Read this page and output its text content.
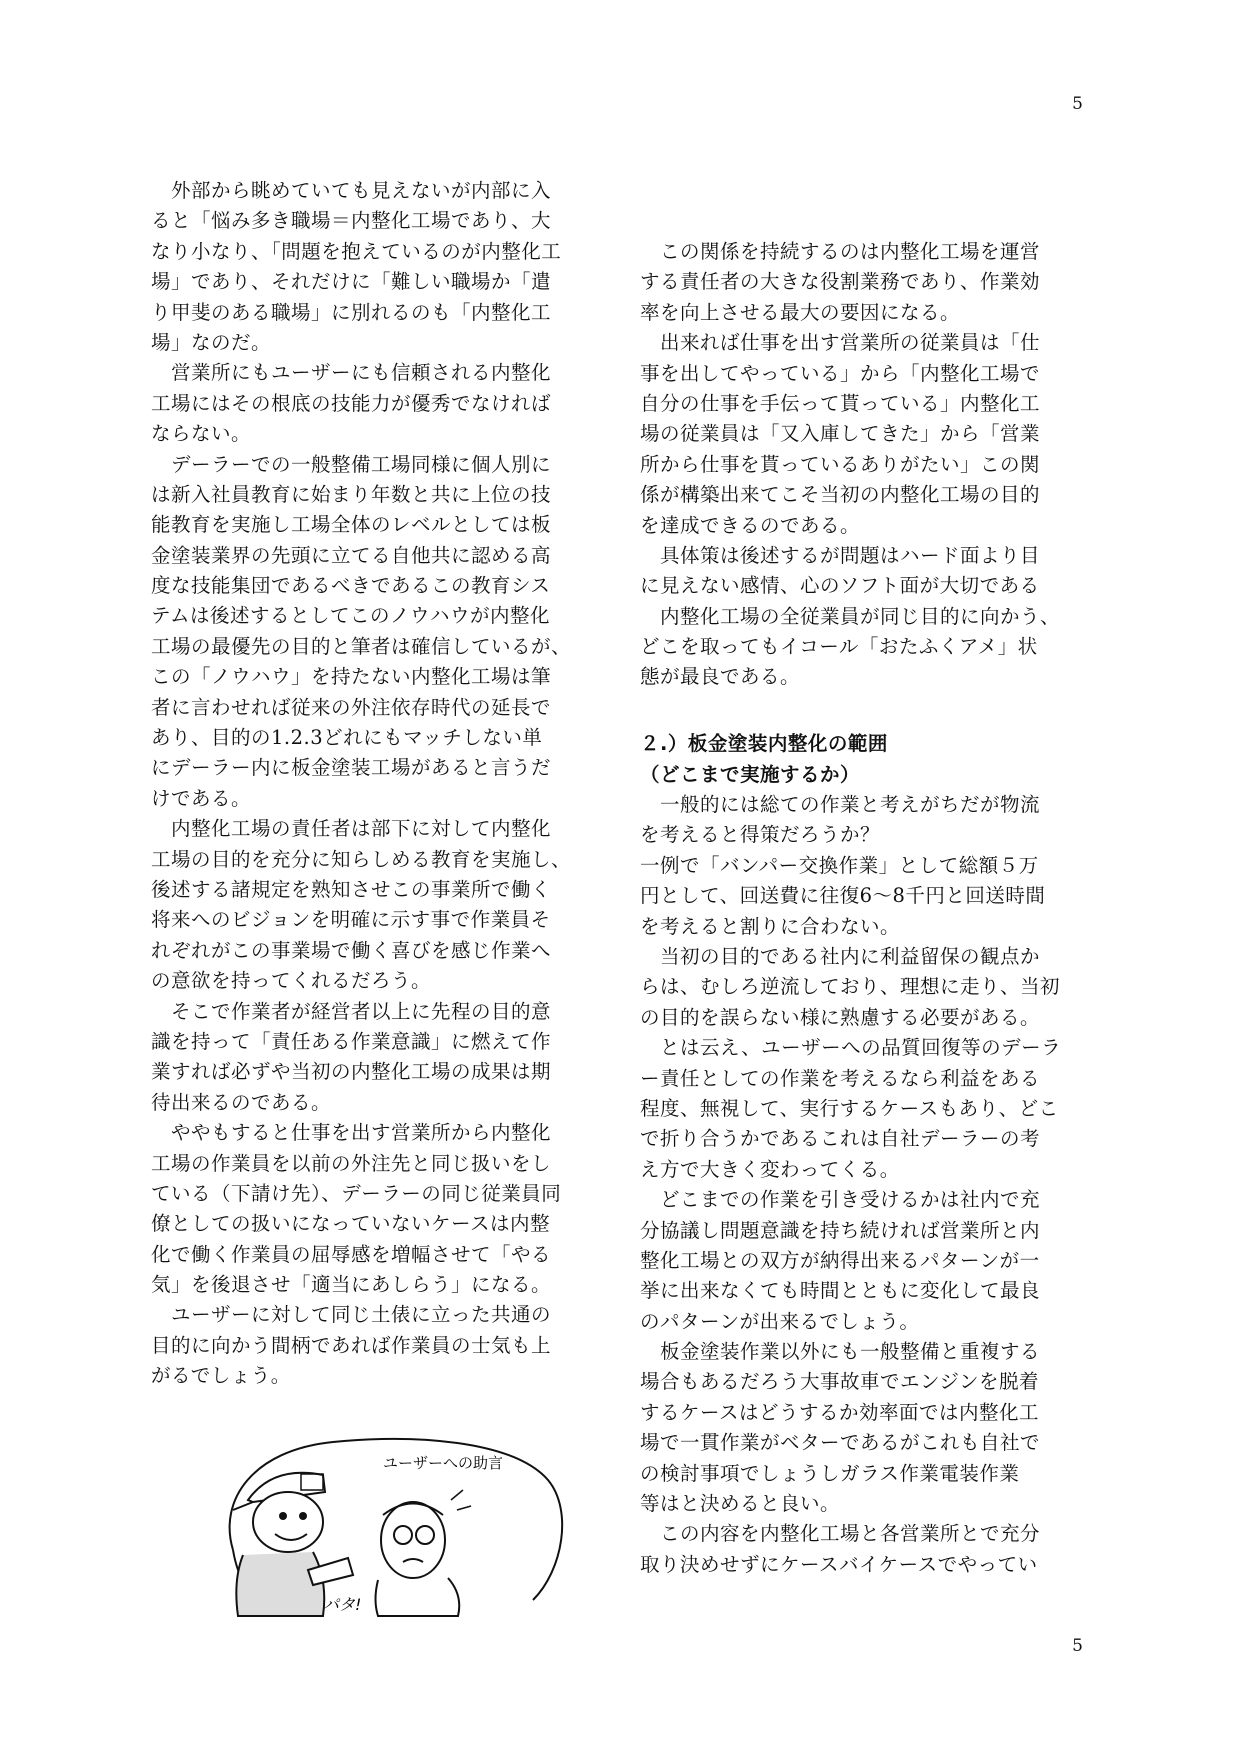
5
　外部から眺めていても見えないが内部に入
ると「悩み多き職場＝内整化工場であり、大
なり小なり、「問題を抱えているのが内整化工
場」であり、それだけに「難しい職場か「遣
り甲斐のある職場」に別れるのも「内整化工
場」なのだ。
　営業所にもユーザーにも信頼される内整化
工場にはその根底の技能力が優秀でなければ
ならない。
　デーラーでの一般整備工場同様に個人別に
は新入社員教育に始まり年数と共に上位の技
能教育を実施し工場全体のレベルとしては板
金塗装業界の先頭に立てる自他共に認める高
度な技能集団であるべきであるこの教育シス
テムは後述するとしてこのノウハウが内整化
工場の最優先の目的と筆者は確信しているが、
この「ノウハウ」を持たない内整化工場は筆
者に言わせれば従来の外注依存時代の延長で
あり、目的の1.2.3どれにもマッチしない単
にデーラー内に板金塗装工場があると言うだ
けである。
　内整化工場の責任者は部下に対して内整化
工場の目的を充分に知らしめる教育を実施し、
後述する諸規定を熟知させこの事業所で働く
将来へのビジョンを明確に示す事で作業員そ
れぞれがこの事業場で働く喜びを感じ作業へ
の意欲を持ってくれるだろう。
　そこで作業者が経営者以上に先程の目的意
識を持って「責任ある作業意識」に燃えて作
業すれば必ずや当初の内整化工場の成果は期
待出来るのである。
　ややもすると仕事を出す営業所から内整化
工場の作業員を以前の外注先と同じ扱いをし
ている（下請け先）、デーラーの同じ従業員同
僚としての扱いになっていないケースは内整
化で働く作業員の屈辱感を増幅させて「やる
気」を後退させ「適当にあしらう」になる。
　ユーザーに対して同じ土俵に立った共通の
目的に向かう間柄であれば作業員の士気も上
がるでしょう。
　この関係を持続するのは内整化工場を運営
する責任者の大きな役割業務であり、作業効
率を向上させる最大の要因になる。
　出来れば仕事を出す営業所の従業員は「仕
事を出してやっている」から「内整化工場で
自分の仕事を手伝って貰っている」内整化工
場の従業員は「又入庫してきた」から「営業
所から仕事を貰っているありがたい」この関
係が構築出来てこそ当初の内整化工場の目的
を達成できるのである。
　具体策は後述するが問題はハード面より目
に見えない感情、心のソフト面が大切である
　内整化工場の全従業員が同じ目的に向かう、
どこを取ってもイコール「おたふくアメ」状
態が最良である。
２.）板金塗装内整化の範囲
（どこまで実施するか）
　一般的には総ての作業と考えがちだが物流
を考えると得策だろうか？
一例で「バンパー交換作業」として総額５万
円として、回送費に往復6～8千円と回送時間
を考えると割りに合わない。
　当初の目的である社内に利益留保の観点か
らは、むしろ逆流しており、理想に走り、当初
の目的を誤らない様に熟慮する必要がある。
　とは云え、ユーザーへの品質回復等のデーラ
ー責任としての作業を考えるなら利益をある
程度、無視して、実行するケースもあり、どこ
で折り合うかであるこれは自社デーラーの考
え方で大きく変わってくる。
　どこまでの作業を引き受けるかは社内で充
分協議し問題意識を持ち続ければ営業所と内
整化工場との双方が納得出来るパターンが一
挙に出来なくても時間とともに変化して最良
のパターンが出来るでしょう。
　板金塗装作業以外にも一般整備と重複する
場合もあるだろう大事故車でエンジンを脱着
するケースはどうするか効率面では内整化工
場で一貫作業がベターであるがこれも自社で
の検討事項でしょうしガラス作業電装作業
等はと決めると良い。
　この内容を内整化工場と各営業所とで充分
取り決めせずにケースバイケースでやってい
ユーザーへの助言
パタ!
5
